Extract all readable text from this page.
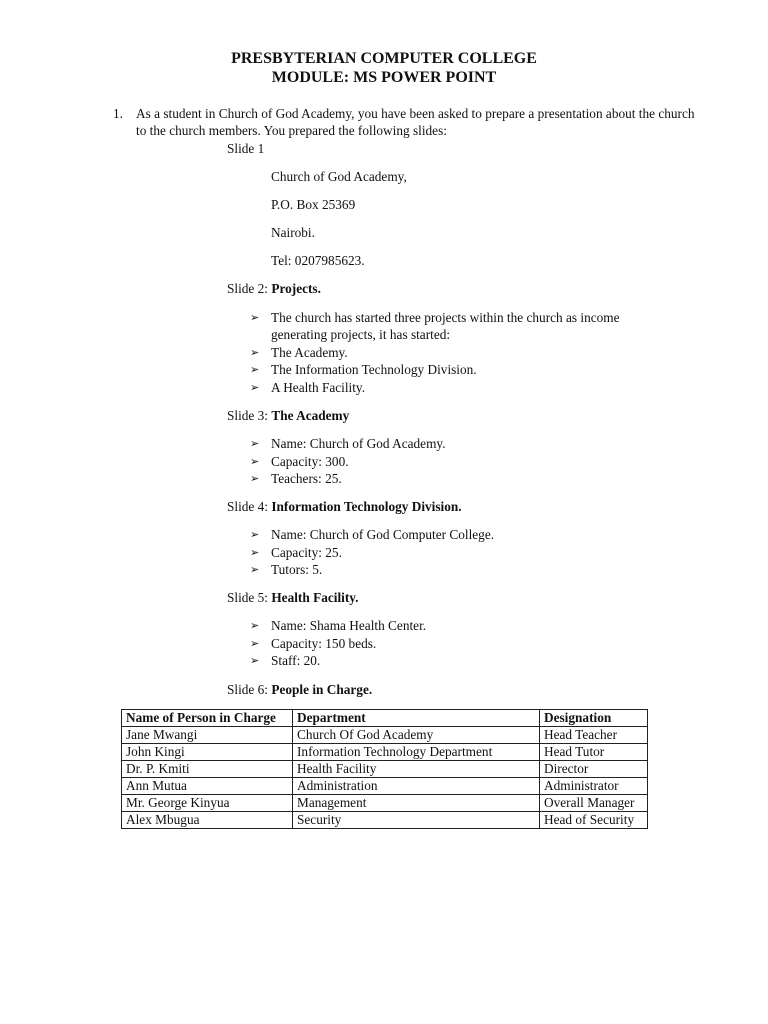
PRESBYTERIAN COMPUTER COLLEGE
MODULE: MS POWER POINT
1. As a student in Church of God Academy, you have been asked to prepare a presentation about the church to the church members. You prepared the following slides:
Slide 1
Church of God Academy,
P.O. Box 25369
Nairobi.
Tel: 0207985623.
Slide 2: Projects.
➢ The church has started three projects within the church as income generating projects, it has started:
➢ The Academy.
➢ The Information Technology Division.
➢ A Health Facility.
Slide 3: The Academy
➢ Name: Church of God Academy.
➢ Capacity: 300.
➢ Teachers: 25.
Slide 4: Information Technology Division.
➢ Name: Church of God Computer College.
➢ Capacity: 25.
➢ Tutors: 5.
Slide 5: Health Facility.
➢ Name: Shama Health Center.
➢ Capacity: 150 beds.
➢ Staff: 20.
Slide 6: People in Charge.
Name of Person in Charge	Department	Designation
Jane Mwangi	Church Of God Academy	Head Teacher
John Kingi	Information Technology Department	Head Tutor
Dr. P. Kmiti	Health Facility	Director
Ann Mutua	Administration	Administrator
Mr. George Kinyua	Management	Overall Manager
Alex Mbugua	Security	Head of Security
